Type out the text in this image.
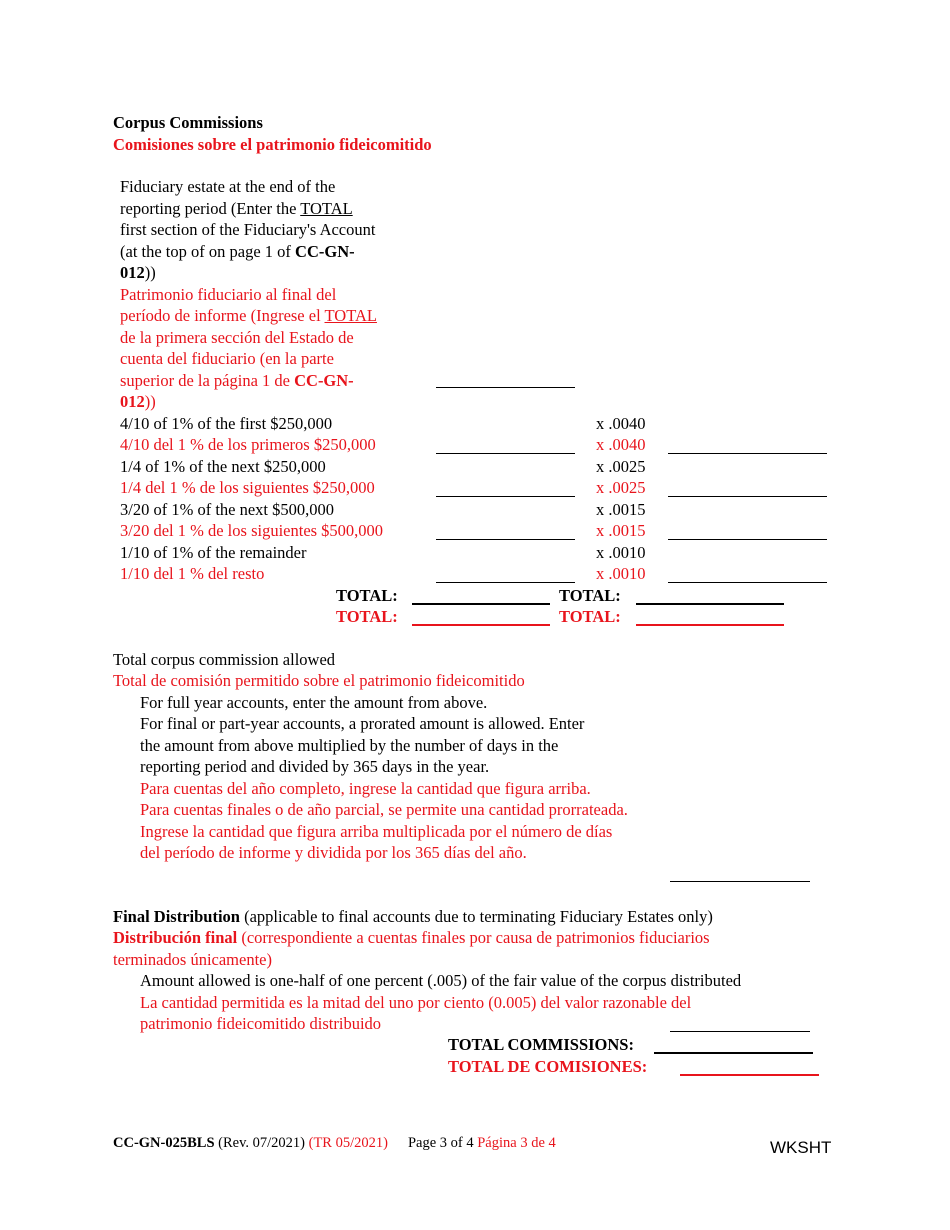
Corpus Commissions
Comisiones sobre el patrimonio fideicomitido
Fiduciary estate at the end of the
reporting period (Enter the TOTAL
first section of the Fiduciary's Account
(at the top of on page 1 of CC-GN-
012))
Patrimonio fiduciario al final del
período de informe (Ingrese el TOTAL
de la primera sección del Estado de
cuenta del fiduciario (en la parte
superior de la página 1 de CC-GN-
012))
4/10 of 1% of the first $250,000	x .0040
4/10 del 1 % de los primeros $250,000	x .0040
1/4 of 1% of the next $250,000	x .0025
1/4 del 1 % de los siguientes $250,000	x .0025
3/20 of 1% of the next $500,000	x .0015
3/20 del 1 % de los siguientes $500,000	x .0015
1/10 of 1% of the remainder	x .0010
1/10 del 1 % del resto	x .0010
TOTAL:	TOTAL:
TOTAL:	TOTAL:
Total corpus commission allowed
Total de comisión permitido sobre el patrimonio fideicomitido
For full year accounts, enter the amount from above.
For final or part-year accounts, a prorated amount is allowed. Enter
the amount from above multiplied by the number of days in the
reporting period and divided by 365 days in the year.
Para cuentas del año completo, ingrese la cantidad que figura arriba.
Para cuentas finales o de año parcial, se permite una cantidad prorrateada.
Ingrese la cantidad que figura arriba multiplicada por el número de días
del período de informe y dividida por los 365 días del año.
Final Distribution (applicable to final accounts due to terminating Fiduciary Estates only)
Distribución final (correspondiente a cuentas finales por causa de patrimonios fiduciarios
terminados únicamente)
Amount allowed is one-half of one percent (.005) of the fair value of the corpus distributed
La cantidad permitida es la mitad del uno por ciento (0.005) del valor razonable del
patrimonio fideicomitido distribuido
TOTAL COMMISSIONS:
TOTAL DE COMISIONES:
CC-GN-025BLS (Rev. 07/2021) (TR 05/2021) Page 3 of 4 Página 3 de 4	WKSHT
